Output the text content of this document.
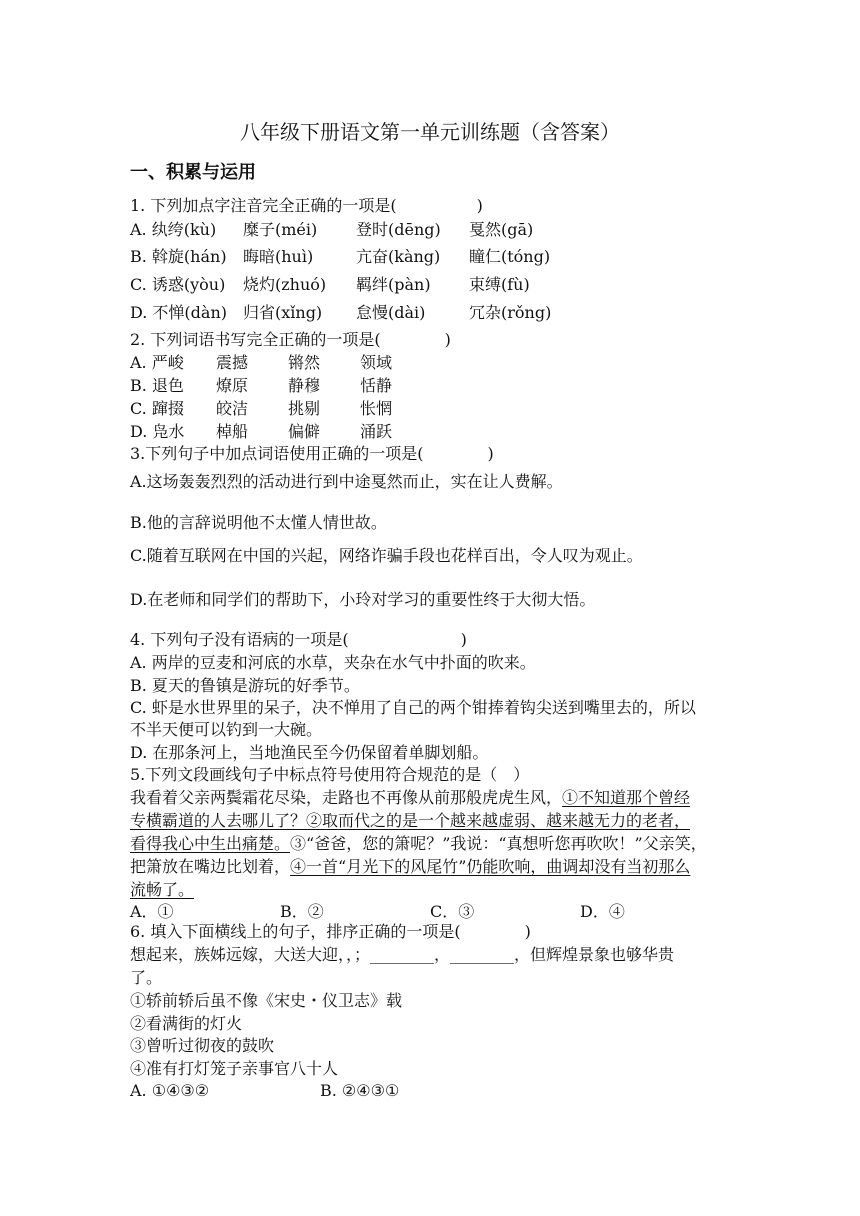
八年级下册语文第一单元训练题（含答案）
一、积累与运用
1. 下列加点字注音完全正确的一项是(　　　　　)
A. 纨绔(kù)	糜子(méi)	登时(dēng)	戛然(gā)
B. 斡旋(hán)	晦暗(huì)	亢奋(kàng)	瞳仁(tóng)
C. 诱惑(yòu)	烧灼(zhuó)	羁绊(pàn)	束缚(fù)
D. 不惮(dàn) 归省(xǐng)	怠慢(dài)	冗杂(rǒng)
2. 下列词语书写完全正确的一项是(　　　　)
A. 严峻	震撼	锵然	领域
B. 退色	燎原	静穆	恬静
C. 蹿掇	皎洁	挑剔	怅惘
D. 凫水	棹船	偏僻	涌跃
3.下列句子中加点词语使用正确的一项是(　　　　)
A.这场轰轰烈烈的活动进行到中途戛然而止，实在让人费解。
B.他的言辞说明他不太懂人情世故。
C.随着互联网在中国的兴起，网络诈骗手段也花样百出，令人叹为观止。
D.在老师和同学们的帮助下，小玲对学习的重要性终于大彻大悟。
4. 下列句子没有语病的一项是(　　　　　　　)
A. 两岸的豆麦和河底的水草，夹杂在水气中扑面的吹来。
B. 夏天的鲁镇是游玩的好季节。
C. 虾是水世界里的呆子，决不惮用了自己的两个钳捧着钩尖送到嘴里去的，所以
不半天便可以钓到一大碗。
D. 在那条河上，当地渔民至今仍保留着单脚划船。
5.下列文段画线句子中标点符号使用符合规范的是（　）
我看着父亲两鬓霜花尽染，走路也不再像从前那般虎虎生风，①不知道那个曾经
专横霸道的人去哪儿了？②取而代之的是一个越来越虚弱、越来越无力的老者，
看得我心中生出痛楚。③“爸爸，您的箫呢？”我说：“真想听您再吹吹！”父亲笑，
把箫放在嘴边比划着，④一首“月光下的风尾竹”仍能吹响，曲调却没有当初那么
流畅了。
A．①	B．②	C．③	D．④
6. 填入下面横线上的句子，排序正确的一项是(　　　　)
想起来，族姊远嫁，大送大迎，，；________，________，但辉煌景象也够华贵
了。
①轿前轿后虽不像《宋史・仪卫志》载
②看满街的灯火
③曾听过彻夜的鼓吹
④准有打灯笼子亲事官八十人
A. ①④③②	B. ②④③①
